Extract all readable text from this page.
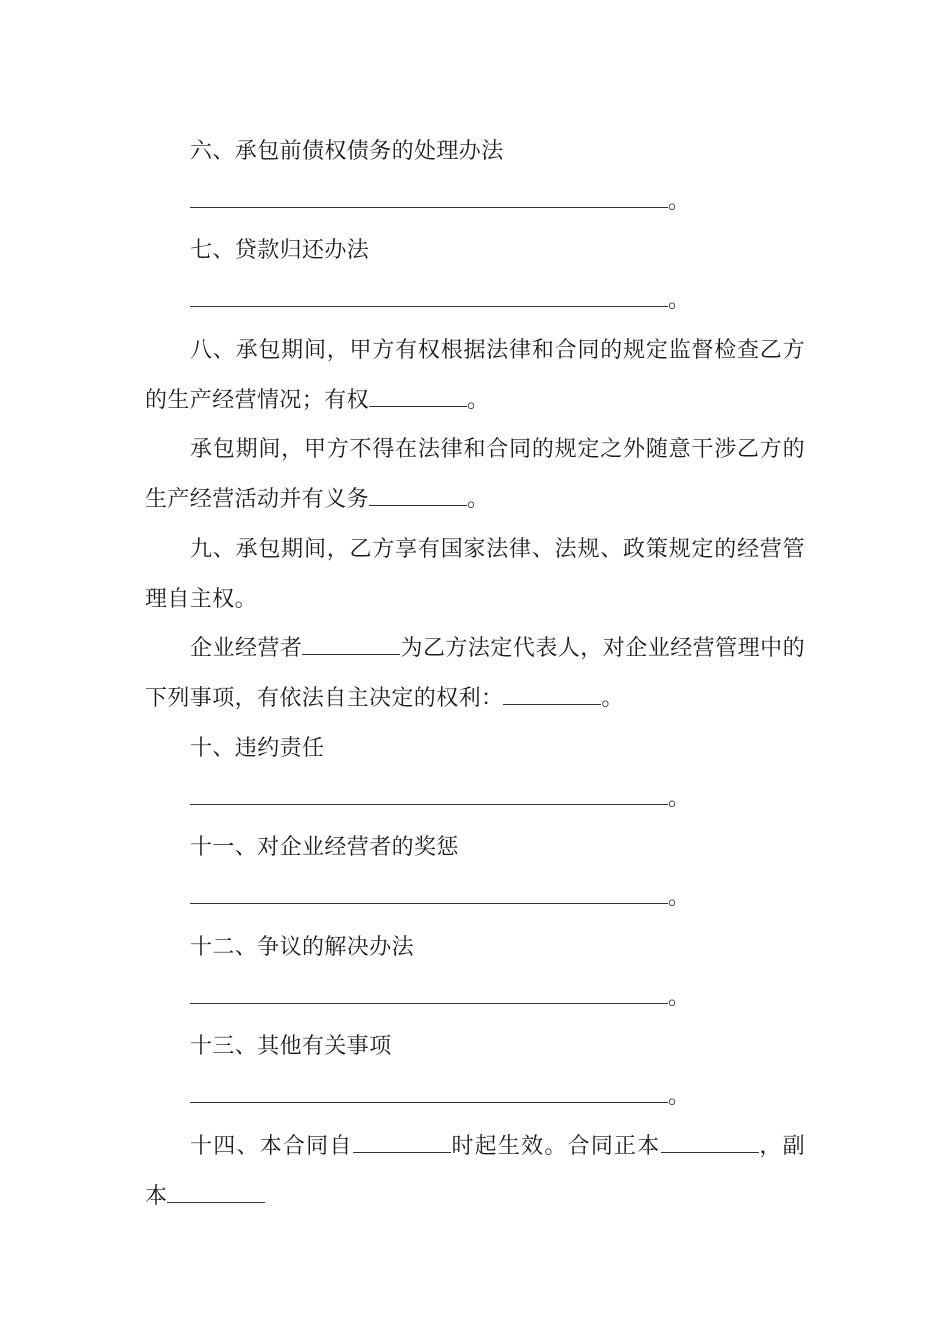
六、承包前债权债务的处理办法
。
七、贷款归还办法
。
八、承包期间，甲方有权根据法律和合同的规定监督检查乙方
的生产经营情况；有权	。
承包期间，甲方不得在法律和合同的规定之外随意干涉乙方的
生产经营活动并有义务	。
九、承包期间，乙方享有国家法律、法规、政策规定的经营管
理自主权。
企业经营者	为乙方法定代表人，对企业经营管理中的
下列事项，有依法自主决定的权利：	。
十、违约责任
。
十一、对企业经营者的奖惩
。
十二、争议的解决办法
。
十三、其他有关事项
。
十四、本合同自	时起生效。合同正本	，副
本
